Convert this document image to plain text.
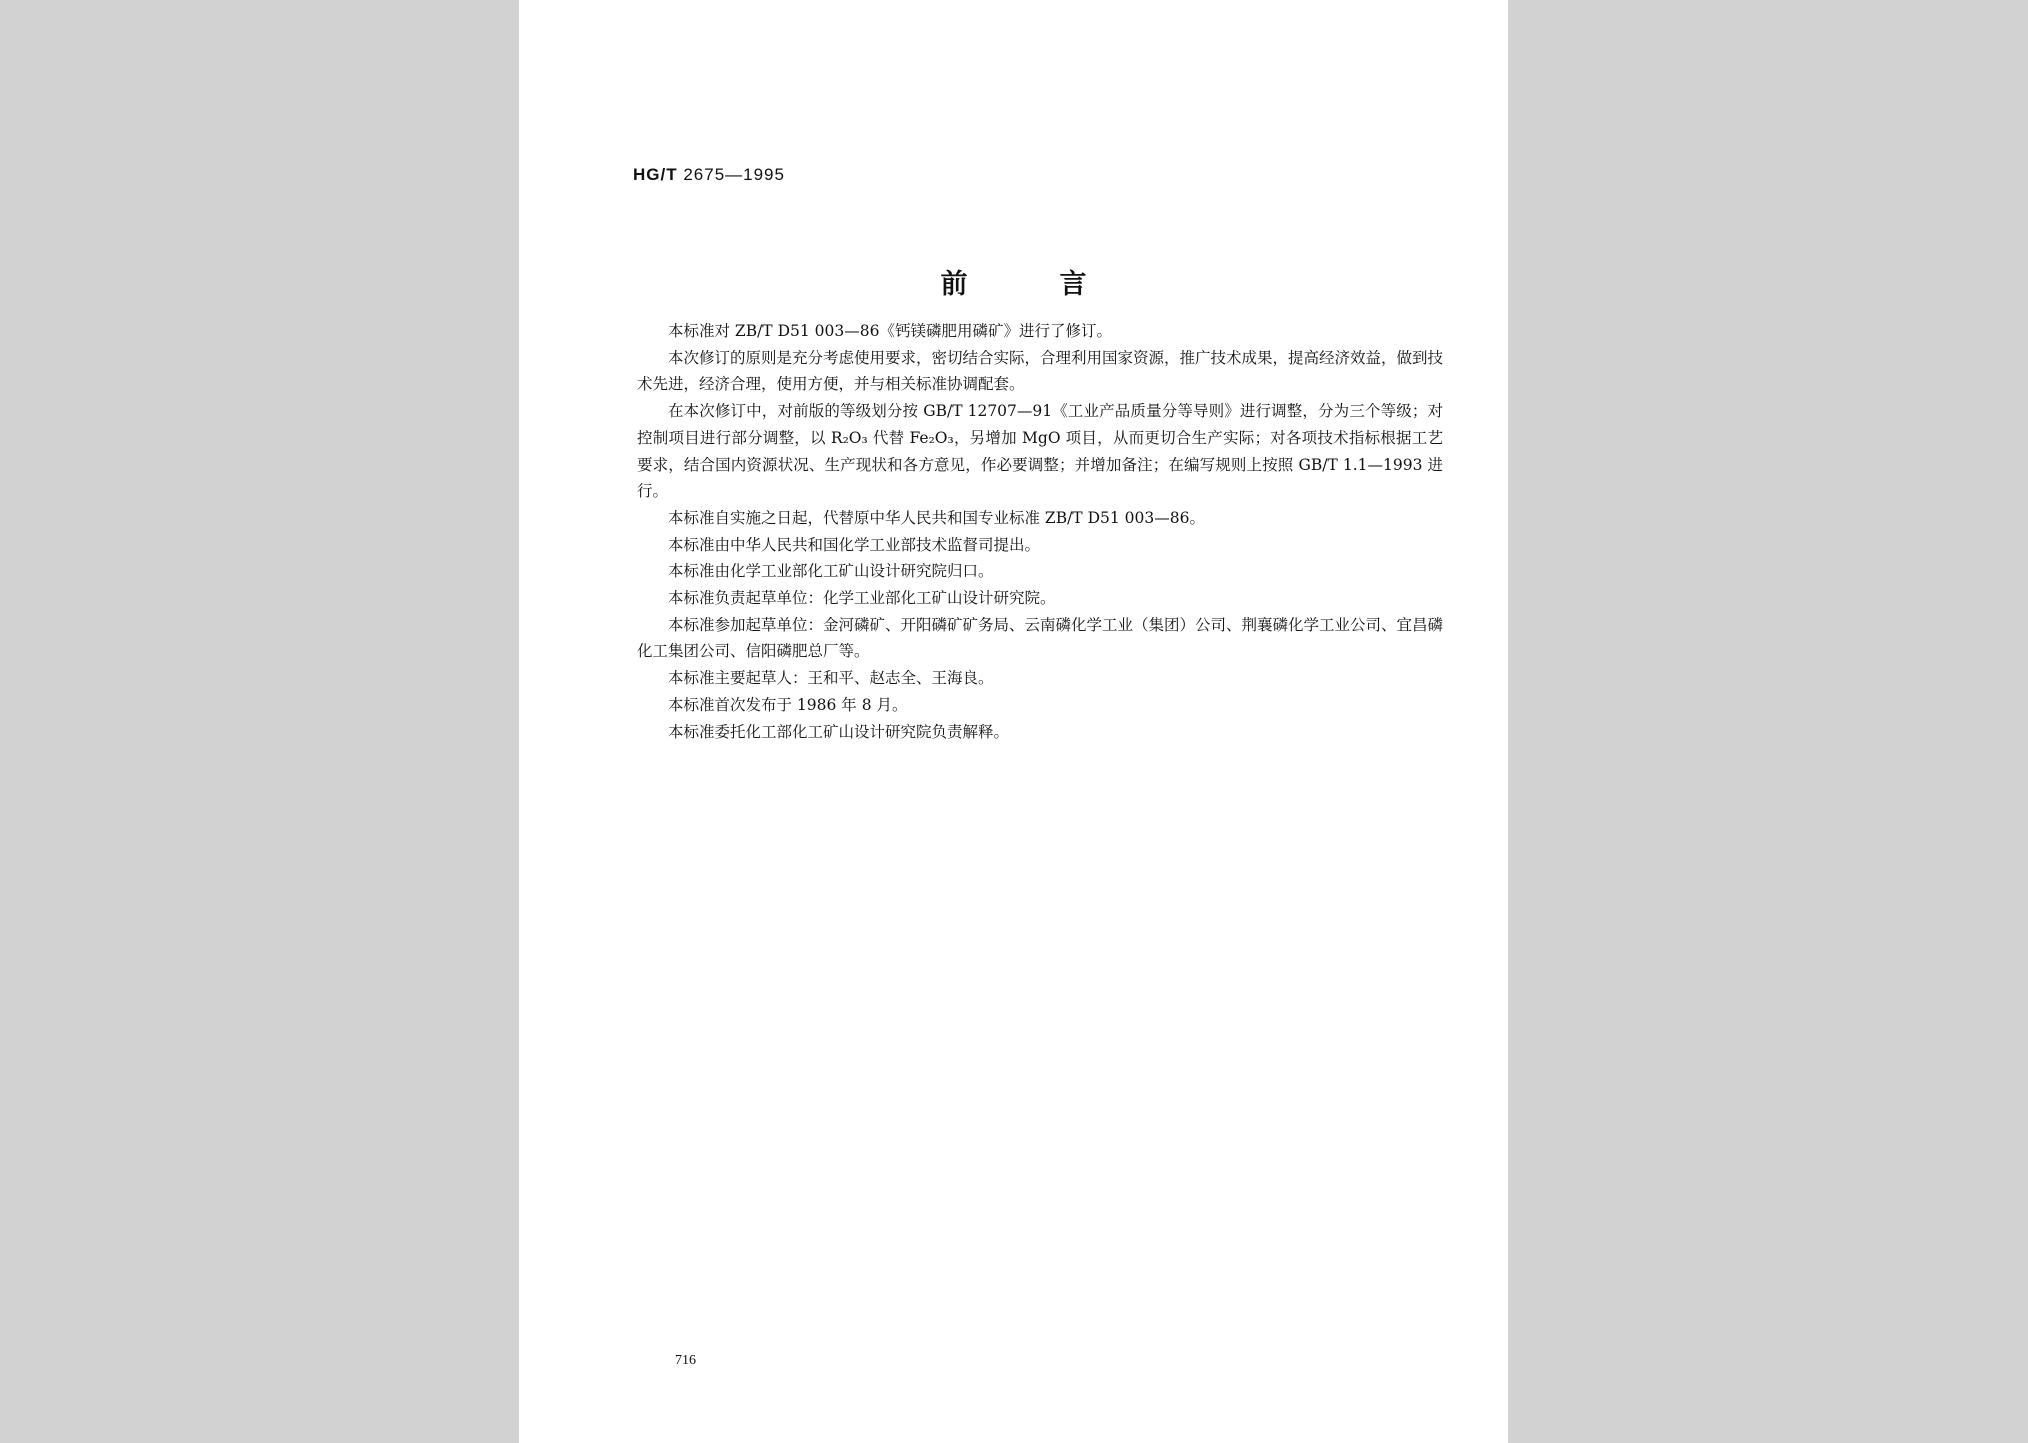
HG/T 2675—1995
前言

本标准对 ZB/T D51 003—86《钙镁磷肥用磷矿》进行了修订。

本次修订的原则是充分考虑使用要求，密切结合实际，合理利用国家资源，推广技术成果，提高经济效益，做到技术先进，经济合理，使用方便，并与相关标准协调配套。

在本次修订中，对前版的等级划分按 GB/T 12707—91《工业产品质量分等导则》进行调整，分为三个等级；对控制项目进行部分调整，以 R₂O₃ 代替 Fe₂O₃，另增加 MgO 项目，从而更切合生产实际；对各项技术指标根据工艺要求，结合国内资源状况、生产现状和各方意见，作必要调整；并增加备注；在编写规则上按照 GB/T 1.1—1993 进行。

本标准自实施之日起，代替原中华人民共和国专业标准 ZB/T D51 003—86。

本标准由中华人民共和国化学工业部技术监督司提出。

本标准由化学工业部化工矿山设计研究院归口。

本标准负责起草单位：化学工业部化工矿山设计研究院。

本标准参加起草单位：金河磷矿、开阳磷矿矿务局、云南磷化学工业（集团）公司、荆襄磷化学工业公司、宜昌磷化工集团公司、信阳磷肥总厂等。

本标准主要起草人：王和平、赵志全、王海良。

本标准首次发布于 1986 年 8 月。

本标准委托化工部化工矿山设计研究院负责解释。

716
